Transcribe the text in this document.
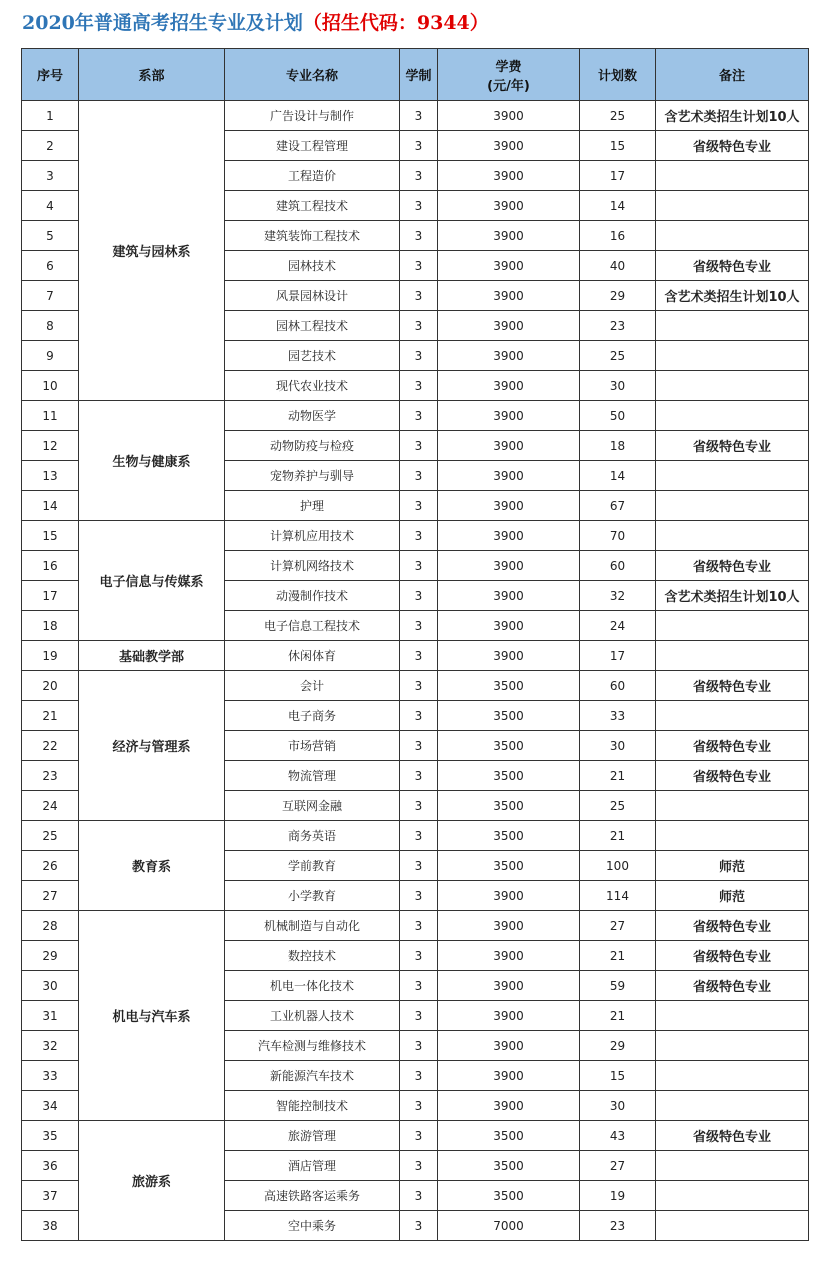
2020年普通高考招生专业及计划（招生代码：9344）
序号	系部	专业名称	学制	学费
(元/年)	计划数	备注
1	建筑与园林系	广告设计与制作	3	3900	25	含艺术类招生计划10人
2		建设工程管理	3	3900	15	省级特色专业
3		工程造价	3	3900	17	
4		建筑工程技术	3	3900	14	
5		建筑装饰工程技术	3	3900	16	
6		园林技术	3	3900	40	省级特色专业
7		风景园林设计	3	3900	29	含艺术类招生计划10人
8		园林工程技术	3	3900	23	
9		园艺技术	3	3900	25	
10		现代农业技术	3	3900	30	
11	生物与健康系	动物医学	3	3900	50	
12		动物防疫与检疫	3	3900	18	省级特色专业
13		宠物养护与驯导	3	3900	14	
14		护理	3	3900	67	
15	电子信息与传媒系	计算机应用技术	3	3900	70	
16		计算机网络技术	3	3900	60	省级特色专业
17		动漫制作技术	3	3900	32	含艺术类招生计划10人
18		电子信息工程技术	3	3900	24	
19	基础教学部	休闲体育	3	3900	17	
20	经济与管理系	会计	3	3500	60	省级特色专业
21		电子商务	3	3500	33	
22		市场营销	3	3500	30	省级特色专业
23		物流管理	3	3500	21	省级特色专业
24		互联网金融	3	3500	25	
25	教育系	商务英语	3	3500	21	
26		学前教育	3	3500	100	师范
27		小学教育	3	3900	114	师范
28	机电与汽车系	机械制造与自动化	3	3900	27	省级特色专业
29		数控技术	3	3900	21	省级特色专业
30		机电一体化技术	3	3900	59	省级特色专业
31		工业机器人技术	3	3900	21	
32		汽车检测与维修技术	3	3900	29	
33		新能源汽车技术	3	3900	15	
34		智能控制技术	3	3900	30	
35	旅游系	旅游管理	3	3500	43	省级特色专业
36		酒店管理	3	3500	27	
37		高速铁路客运乘务	3	3500	19	
38		空中乘务	3	7000	23	
